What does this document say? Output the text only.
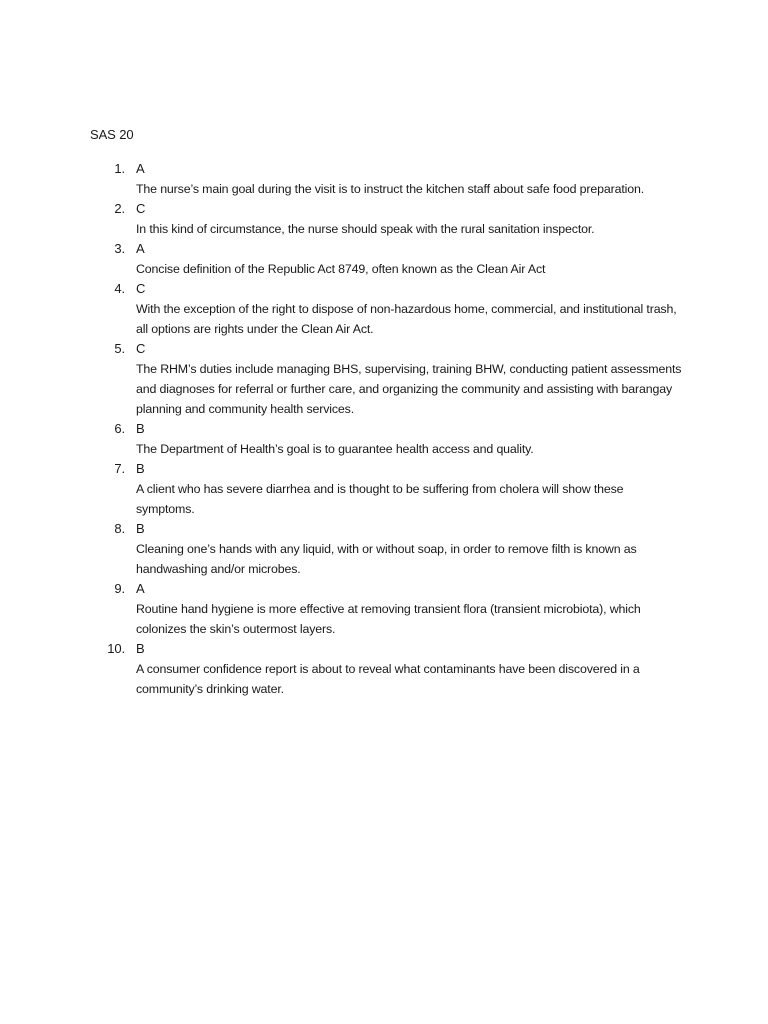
SAS 20
1. A
The nurse’s main goal during the visit is to instruct the kitchen staff about safe food preparation.
2. C
In this kind of circumstance, the nurse should speak with the rural sanitation inspector.
3. A
Concise definition of the Republic Act 8749, often known as the Clean Air Act
4. C
With the exception of the right to dispose of non-hazardous home, commercial, and institutional trash, all options are rights under the Clean Air Act.
5. C
The RHM’s duties include managing BHS, supervising, training BHW, conducting patient assessments and diagnoses for referral or further care, and organizing the community and assisting with barangay planning and community health services.
6. B
The Department of Health’s goal is to guarantee health access and quality.
7. B
A client who has severe diarrhea and is thought to be suffering from cholera will show these symptoms.
8. B
Cleaning one’s hands with any liquid, with or without soap, in order to remove filth is known as handwashing and/or microbes.
9. A
Routine hand hygiene is more effective at removing transient flora (transient microbiota), which colonizes the skin’s outermost layers.
10. B
A consumer confidence report is about to reveal what contaminants have been discovered in a community’s drinking water.
